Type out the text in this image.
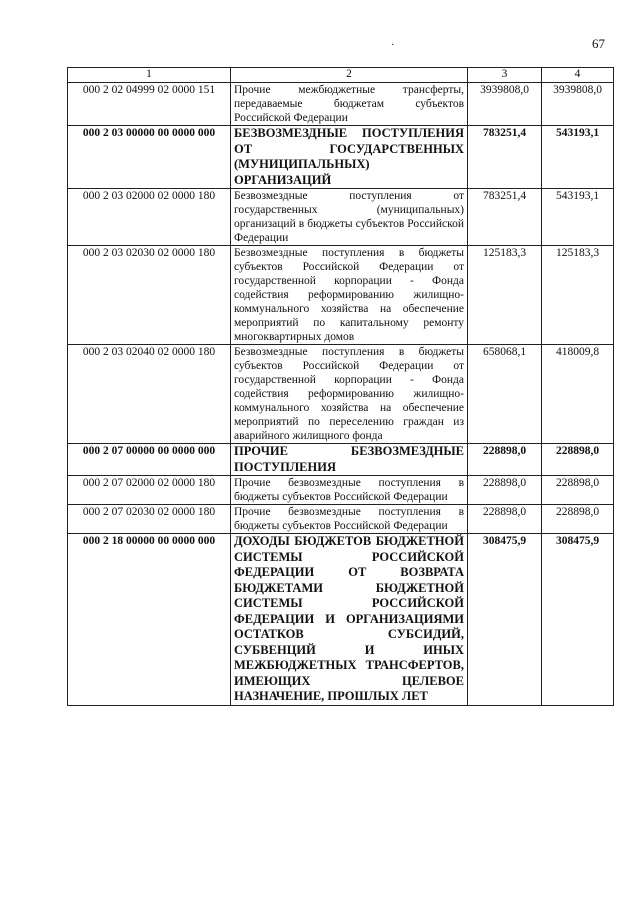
·	67
1	2	3	4
000 2 02 04999 02 0000 151	Прочие межбюджетные трансферты, передаваемые бюджетам субъектов Российской Федерации	3939808,0	3939808,0
000 2 03 00000 00 0000 000	БЕЗВОЗМЕЗДНЫЕ ПОСТУПЛЕНИЯ ОТ ГОСУДАРСТВЕННЫХ (МУНИЦИПАЛЬНЫХ) ОРГАНИЗАЦИЙ	783251,4	543193,1
000 2 03 02000 02 0000 180	Безвозмездные поступления от государственных (муниципальных) организаций в бюджеты субъектов Российской Федерации	783251,4	543193,1
000 2 03 02030 02 0000 180	Безвозмездные поступления в бюджеты субъектов Российской Федерации от государственной корпорации - Фонда содействия реформированию жилищно-коммунального хозяйства на обеспечение мероприятий по капитальному ремонту многоквартирных домов	125183,3	125183,3
000 2 03 02040 02 0000 180	Безвозмездные поступления в бюджеты субъектов Российской Федерации от государственной корпорации - Фонда содействия реформированию жилищно-коммунального хозяйства на обеспечение мероприятий по переселению граждан из аварийного жилищного фонда	658068,1	418009,8
000 2 07 00000 00 0000 000	ПРОЧИЕ БЕЗВОЗМЕЗДНЫЕ ПОСТУПЛЕНИЯ	228898,0	228898,0
000 2 07 02000 02 0000 180	Прочие безвозмездные поступления в бюджеты субъектов Российской Федерации	228898,0	228898,0
000 2 07 02030 02 0000 180	Прочие безвозмездные поступления в бюджеты субъектов Российской Федерации	228898,0	228898,0
000 2 18 00000 00 0000 000	ДОХОДЫ БЮДЖЕТОВ БЮДЖЕТНОЙ СИСТЕМЫ РОССИЙСКОЙ ФЕДЕРАЦИИ ОТ ВОЗВРАТА БЮДЖЕТАМИ БЮДЖЕТНОЙ СИСТЕМЫ РОССИЙСКОЙ ФЕДЕРАЦИИ И ОРГАНИЗАЦИЯМИ ОСТАТКОВ СУБСИДИЙ, СУБВЕНЦИЙ И ИНЫХ МЕЖБЮДЖЕТНЫХ ТРАНСФЕРТОВ, ИМЕЮЩИХ ЦЕЛЕВОЕ НАЗНАЧЕНИЕ, ПРОШЛЫХ ЛЕТ	308475,9	308475,9
